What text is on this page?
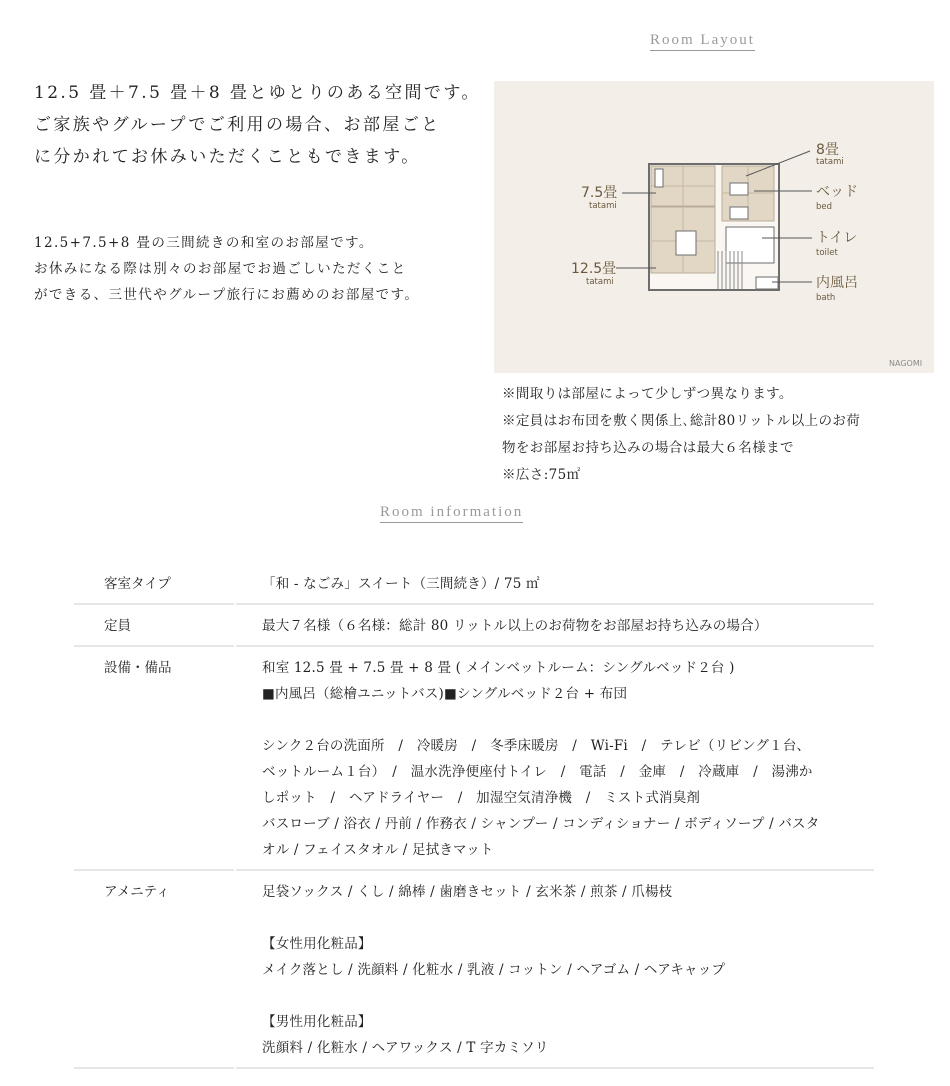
Room Layout

12.5 畳＋7.5 畳＋8 畳とゆとりのある空間です。

ご家族やグループでご利用の場合、お部屋ごと

に分かれてお休みいただくこともできます。

12.5+7.5+8 畳の三間続きの和室のお部屋です。

お休みになる際は別々のお部屋でお過ごしいただくこと

ができる、三世代やグループ旅行にお薦めのお部屋です。

8畳
tatami
ベッド
bed
7.5畳
tatami
トイレ
toilet
12.5畳
tatami	内風呂
bath
NAGOMI

※間取りは部屋によって少しずつ異なります。

※定員はお布団を敷く関係上､総計80リットル以上のお荷

物をお部屋お持ち込みの場合は最大６名様まで

※広さ:75㎡

Room information
客室タイプ	「和 - なごみ」スイート（三間続き）/ 75 ㎡

定員	最大７名様（６名様：総計 80 リットル以上のお荷物をお部屋お持ち込みの場合）

設備・備品	和室 12.5 畳 + 7.5 畳 + 8 畳 ( メインベットルーム：シングルベッド２台 )

■内風呂（総檜ユニットバス)■シングルベッド２台 + 布団

シンク２台の洗面所　/　冷暖房　/　冬季床暖房　/　Wi-Fi　/　テレビ（リビング１台、

ベットルーム１台）　/　温水洗浄便座付トイレ　/　電話　/　金庫　/　冷蔵庫　/　湯沸か

しポット　/　ヘアドライヤー　/　加湿空気清浄機　/　ミスト式消臭剤

バスローブ / 浴衣 / 丹前 / 作務衣 / シャンプー / コンディショナー / ボディソープ / バスタ

オル / フェイスタオル / 足拭きマット

アメニティ	足袋ソックス / くし / 綿棒 / 歯磨きセット / 玄米茶 / 煎茶 / 爪楊枝

【女性用化粧品】

メイク落とし / 洗顔料 / 化粧水 / 乳液 / コットン / ヘアゴム / ヘアキャップ

【男性用化粧品】

洗顔料 / 化粧水 / ヘアワックス / T 字カミソリ
